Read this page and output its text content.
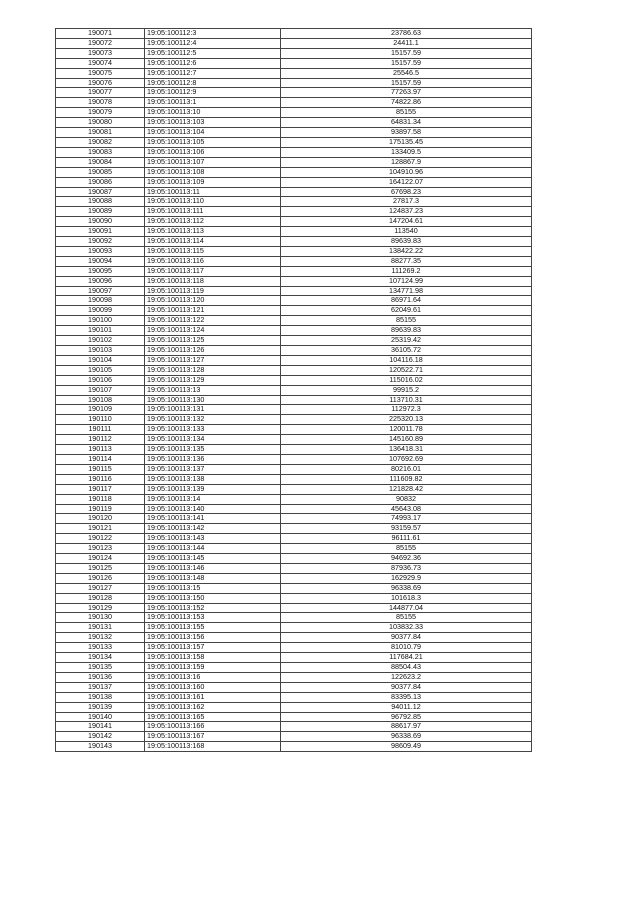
190071	19:05:100112:3	23786.63
190072	19:05:100112:4	24411.1
190073	19:05:100112:5	15157.59
190074	19:05:100112:6	15157.59
190075	19:05:100112:7	25546.5
190076	19:05:100112:8	15157.59
190077	19:05:100112:9	77263.97
190078	19:05:100113:1	74822.86
190079	19:05:100113:10	85155
190080	19:05:100113:103	64831.34
190081	19:05:100113:104	93897.58
190082	19:05:100113:105	175135.45
190083	19:05:100113:106	133409.5
190084	19:05:100113:107	128867.9
190085	19:05:100113:108	104910.96
190086	19:05:100113:109	164122.07
190087	19:05:100113:11	67698.23
190088	19:05:100113:110	27817.3
190089	19:05:100113:111	124837.23
190090	19:05:100113:112	147204.61
190091	19:05:100113:113	113540
190092	19:05:100113:114	89639.83
190093	19:05:100113:115	138422.22
190094	19:05:100113:116	88277.35
190095	19:05:100113:117	111269.2
190096	19:05:100113:118	107124.99
190097	19:05:100113:119	134771.98
190098	19:05:100113:120	86971.64
190099	19:05:100113:121	62049.61
190100	19:05:100113:122	85155
190101	19:05:100113:124	89639.83
190102	19:05:100113:125	25319.42
190103	19:05:100113:126	36105.72
190104	19:05:100113:127	104116.18
190105	19:05:100113:128	120522.71
190106	19:05:100113:129	115016.02
190107	19:05:100113:13	99915.2
190108	19:05:100113:130	113710.31
190109	19:05:100113:131	112972.3
190110	19:05:100113:132	225320.13
190111	19:05:100113:133	120011.78
190112	19:05:100113:134	145160.89
190113	19:05:100113:135	136418.31
190114	19:05:100113:136	107692.69
190115	19:05:100113:137	80216.01
190116	19:05:100113:138	111609.82
190117	19:05:100113:139	121828.42
190118	19:05:100113:14	90832
190119	19:05:100113:140	45643.08
190120	19:05:100113:141	74993.17
190121	19:05:100113:142	93159.57
190122	19:05:100113:143	96111.61
190123	19:05:100113:144	85155
190124	19:05:100113:145	94692.36
190125	19:05:100113:146	87936.73
190126	19:05:100113:148	162929.9
190127	19:05:100113:15	96338.69
190128	19:05:100113:150	101618.3
190129	19:05:100113:152	144877.04
190130	19:05:100113:153	85155
190131	19:05:100113:155	103832.33
190132	19:05:100113:156	90377.84
190133	19:05:100113:157	81010.79
190134	19:05:100113:158	117684.21
190135	19:05:100113:159	88504.43
190136	19:05:100113:16	122623.2
190137	19:05:100113:160	90377.84
190138	19:05:100113:161	83395.13
190139	19:05:100113:162	94011.12
190140	19:05:100113:165	96792.85
190141	19:05:100113:166	88617.97
190142	19:05:100113:167	96338.69
190143	19:05:100113:168	98609.49
